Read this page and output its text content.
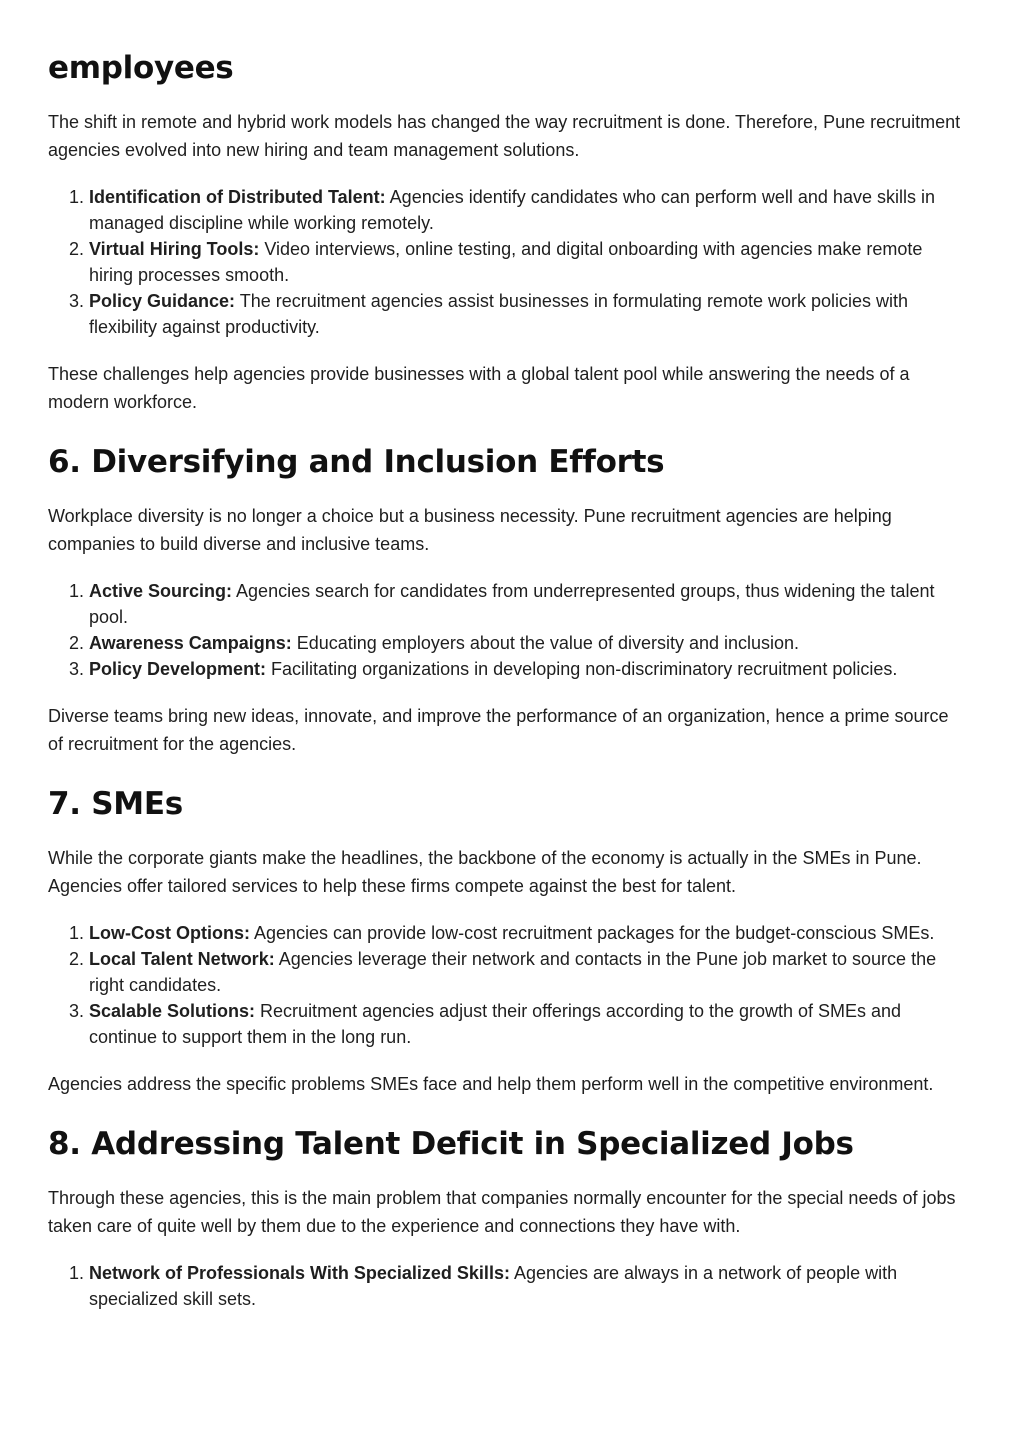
employees

The shift in remote and hybrid work models has changed the way recruitment is done. Therefore, Pune recruitment agencies evolved into new hiring and team management solutions.

1. Identification of Distributed Talent: Agencies identify candidates who can perform well and have skills in managed discipline while working remotely.
2. Virtual Hiring Tools: Video interviews, online testing, and digital onboarding with agencies make remote hiring processes smooth.
3. Policy Guidance: The recruitment agencies assist businesses in formulating remote work policies with flexibility against productivity.

These challenges help agencies provide businesses with a global talent pool while answering the needs of a modern workforce.

6. Diversifying and Inclusion Efforts

Workplace diversity is no longer a choice but a business necessity. Pune recruitment agencies are helping companies to build diverse and inclusive teams.

1. Active Sourcing: Agencies search for candidates from underrepresented groups, thus widening the talent pool.
2. Awareness Campaigns: Educating employers about the value of diversity and inclusion.
3. Policy Development: Facilitating organizations in developing non-discriminatory recruitment policies.

Diverse teams bring new ideas, innovate, and improve the performance of an organization, hence a prime source of recruitment for the agencies.

7. SMEs

While the corporate giants make the headlines, the backbone of the economy is actually in the SMEs in Pune. Agencies offer tailored services to help these firms compete against the best for talent.

1. Low-Cost Options: Agencies can provide low-cost recruitment packages for the budget-conscious SMEs.
2. Local Talent Network: Agencies leverage their network and contacts in the Pune job market to source the right candidates.
3. Scalable Solutions: Recruitment agencies adjust their offerings according to the growth of SMEs and continue to support them in the long run.

Agencies address the specific problems SMEs face and help them perform well in the competitive environment.

8. Addressing Talent Deficit in Specialized Jobs

Through these agencies, this is the main problem that companies normally encounter for the special needs of jobs taken care of quite well by them due to the experience and connections they have with.

1. Network of Professionals With Specialized Skills: Agencies are always in a network of people with specialized skill sets.
